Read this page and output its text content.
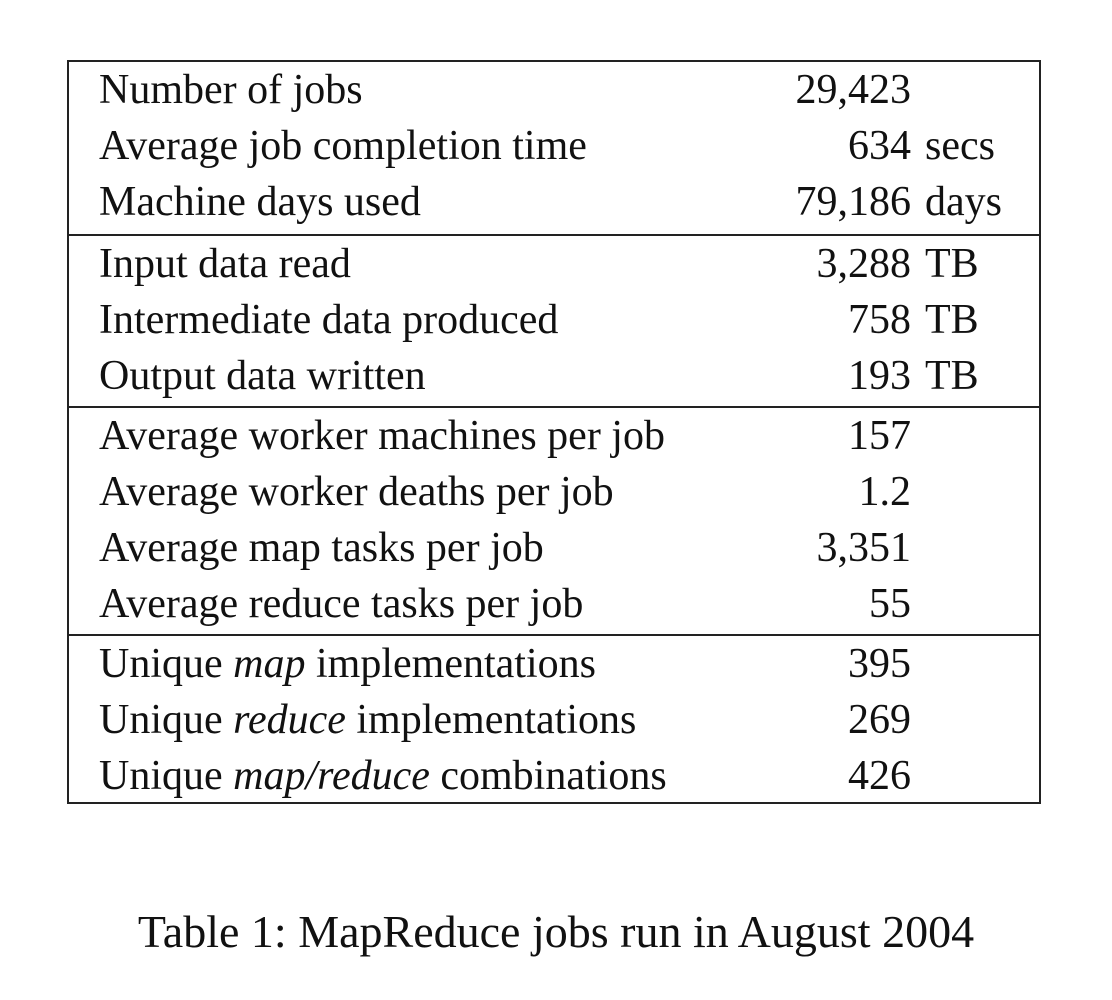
Number of jobs	29,423
Average job completion time	634 secs
Machine days used	79,186 days
Input data read	3,288 TB
Intermediate data produced	758 TB
Output data written	193 TB
Average worker machines per job	157
Average worker deaths per job	1.2
Average map tasks per job	3,351
Average reduce tasks per job	55
Unique map implementations	395
Unique reduce implementations	269
Unique map/reduce combinations	426
Table 1: MapReduce jobs run in August 2004
